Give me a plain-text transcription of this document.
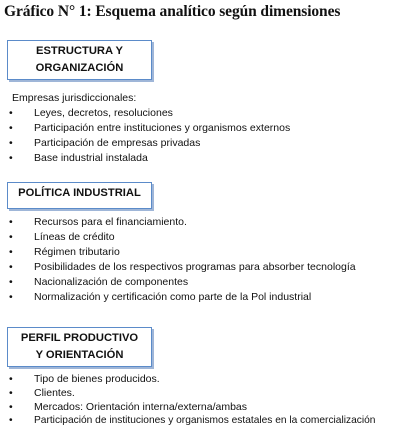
Gráfico N° 1: Esquema analítico según dimensiones
ESTRUCTURA Y
ORGANIZACIÓN
Empresas jurisdiccionales:
• Leyes, decretos, resoluciones
• Participación entre instituciones y organismos externos
• Participación de empresas privadas
• Base industrial instalada
POLÍTICA INDUSTRIAL
• Recursos para el financiamiento.
• Líneas de crédito
• Régimen tributario
• Posibilidades de los respectivos programas para absorber tecnología
• Nacionalización de componentes
• Normalización y certificación como parte de la Pol industrial
PERFIL PRODUCTIVO
Y ORIENTACIÓN
• Tipo de bienes producidos.
• Clientes.
• Mercados: Orientación interna/externa/ambas
• Participación de instituciones y organismos estatales en la comercialización
